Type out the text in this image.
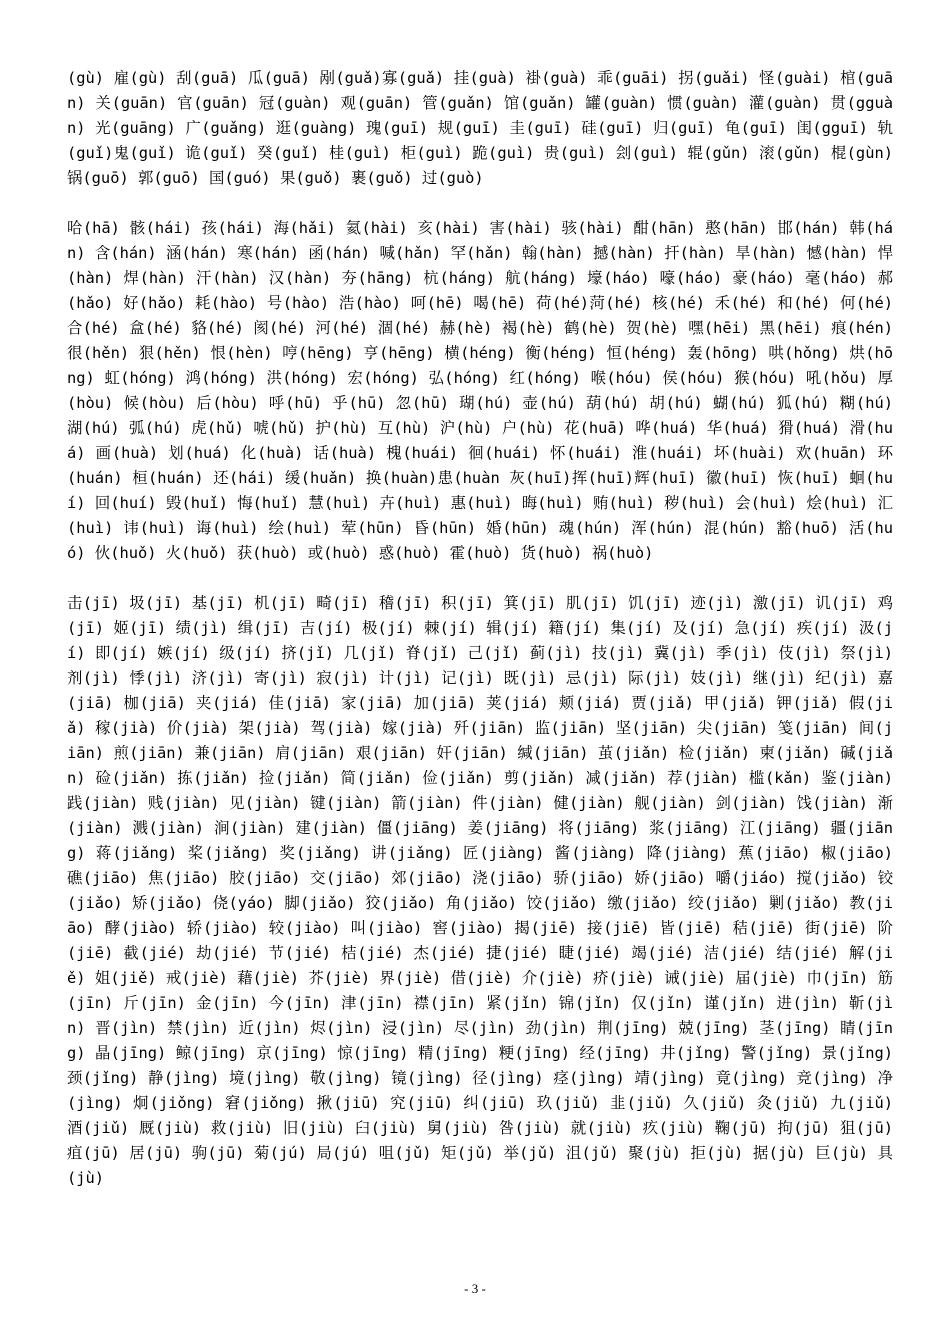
(gù) 雇(gù) 刮(guā) 瓜(guā) 剐(guǎ)寡(guǎ) 挂(guà) 褂(guà) 乖(guāi) 拐(guǎi) 怪(guài) 棺(guān) 关(guān) 官(guān) 冠(guàn) 观(guān) 管(guǎn) 馆(guǎn) 罐(guàn) 惯(guàn) 灌(guàn) 贯(gguàn) 光(guāng) 广(guǎng) 逛(guàng) 瑰(guī) 规(guī) 圭(guī) 硅(guī) 归(guī) 龟(guī) 闺(gguī) 轨(guǐ)鬼(guǐ) 诡(guǐ) 癸(guǐ) 桂(guì) 柜(guì) 跪(guì) 贵(guì) 刽(guì) 辊(gǔn) 滚(gǔn) 棍(gùn) 锅(guō) 郭(guō) 国(guó) 果(guǒ) 裹(guǒ) 过(guò)

哈(hā) 骸(hái) 孩(hái) 海(hǎi) 氦(hài) 亥(hài) 害(hài) 骇(hài) 酣(hān) 憨(hān) 邯(hán) 韩(hán) 含(hán) 涵(hán) 寒(hán) 函(hán) 喊(hǎn) 罕(hǎn) 翰(hàn) 撼(hàn) 扞(hàn) 旱(hàn) 憾(hàn) 悍(hàn) 焊(hàn) 汗(hàn) 汉(hàn) 夯(hāng) 杭(háng) 航(háng) 壕(háo) 嚎(háo) 豪(háo) 毫(háo) 郝(hǎo) 好(hǎo) 耗(hào) 号(hào) 浩(hào) 呵(hē) 喝(hē) 荷(hé)菏(hé) 核(hé) 禾(hé) 和(hé) 何(hé) 合(hé) 盒(hé) 貉(hé) 阂(hé) 河(hé) 涸(hé) 赫(hè) 褐(hè) 鹤(hè) 贺(hè) 嘿(hēi) 黑(hēi) 痕(hén) 很(hěn) 狠(hěn) 恨(hèn) 哼(hēng) 亨(hēng) 横(héng) 衡(héng) 恒(héng) 轰(hōng) 哄(hǒng) 烘(hōng) 虹(hóng) 鸿(hóng) 洪(hóng) 宏(hóng) 弘(hóng) 红(hóng) 喉(hóu) 侯(hóu) 猴(hóu) 吼(hǒu) 厚(hòu) 候(hòu) 后(hòu) 呼(hū) 乎(hū) 忽(hū) 瑚(hú) 壶(hú) 葫(hú) 胡(hú) 蝴(hú) 狐(hú) 糊(hú) 湖(hú) 弧(hú) 虎(hǔ) 唬(hǔ) 护(hù) 互(hù) 沪(hù) 户(hù) 花(huā) 哗(huá) 华(huá) 猾(huá) 滑(huá) 画(huà) 划(huá) 化(huà) 话(huà) 槐(huái) 徊(huái) 怀(huái) 淮(huái) 坏(huài) 欢(huān) 环(huán) 桓(huán) 还(hái) 缓(huǎn) 换(huàn)患(huàn 灰(huī)挥(huī)辉(huī) 徽(huī) 恢(huī) 蛔(huí) 回(huí) 毁(huǐ) 悔(huǐ) 慧(huì) 卉(huì) 惠(huì) 晦(huì) 贿(huì) 秽(huì) 会(huì) 烩(huì) 汇(huì) 讳(huì) 诲(huì) 绘(huì) 荤(hūn) 昏(hūn) 婚(hūn) 魂(hún) 浑(hún) 混(hún) 豁(huō) 活(huó) 伙(huǒ) 火(huǒ) 获(huò) 或(huò) 惑(huò) 霍(huò) 货(huò) 祸(huò)

击(jī) 圾(jī) 基(jī) 机(jī) 畸(jī) 稽(jī) 积(jī) 箕(jī) 肌(jī) 饥(jī) 迹(jì) 激(jī) 讥(jī) 鸡(jī) 姬(jī) 绩(jì) 缉(jī) 吉(jí) 极(jí) 棘(jí) 辑(jí) 籍(jí) 集(jí) 及(jí) 急(jí) 疾(jí) 汲(jí) 即(jí) 嫉(jí) 级(jí) 挤(jǐ) 几(jǐ) 脊(jǐ) 己(jǐ) 蓟(jì) 技(jì) 冀(jì) 季(jì) 伎(jì) 祭(jì) 剂(jì) 悸(jì) 济(jì) 寄(jì) 寂(jì) 计(jì) 记(jì) 既(jì) 忌(jì) 际(jì) 妓(jì) 继(jì) 纪(jì) 嘉(jiā) 枷(jiā) 夹(jiá) 佳(jiā) 家(jiā) 加(jiā) 荚(jiá) 颊(jiá) 贾(jiǎ) 甲(jiǎ) 钾(jiǎ) 假(jiǎ) 稼(jià) 价(jià) 架(jià) 驾(jià) 嫁(jià) 歼(jiān) 监(jiān) 坚(jiān) 尖(jiān) 笺(jiān) 间(jiān) 煎(jiān) 兼(jiān) 肩(jiān) 艰(jiān) 奸(jiān) 缄(jiān) 茧(jiǎn) 检(jiǎn) 柬(jiǎn) 碱(jiǎn) 硷(jiǎn) 拣(jiǎn) 捡(jiǎn) 简(jiǎn) 俭(jiǎn) 剪(jiǎn) 减(jiǎn) 荐(jiàn) 槛(kǎn) 鉴(jiàn) 践(jiàn) 贱(jiàn) 见(jiàn) 键(jiàn) 箭(jiàn) 件(jiàn) 健(jiàn) 舰(jiàn) 剑(jiàn) 饯(jiàn) 渐(jiàn) 溅(jiàn) 涧(jiàn) 建(jiàn) 僵(jiāng) 姜(jiāng) 将(jiāng) 浆(jiāng) 江(jiāng) 疆(jiāng) 蒋(jiǎng) 桨(jiǎng) 奖(jiǎng) 讲(jiǎng) 匠(jiàng) 酱(jiàng) 降(jiàng) 蕉(jiāo) 椒(jiāo) 礁(jiāo) 焦(jiāo) 胶(jiāo) 交(jiāo) 郊(jiāo) 浇(jiāo) 骄(jiāo) 娇(jiāo) 嚼(jiáo) 搅(jiǎo) 铰(jiǎo) 矫(jiǎo) 侥(yáo) 脚(jiǎo) 狡(jiǎo) 角(jiǎo) 饺(jiǎo) 缴(jiǎo) 绞(jiǎo) 剿(jiǎo) 教(jiāo) 酵(jiào) 轿(jiào) 较(jiào) 叫(jiào) 窖(jiào) 揭(jiē) 接(jiē) 皆(jiē) 秸(jiē) 街(jiē) 阶(jiē) 截(jié) 劫(jié) 节(jié) 桔(jié) 杰(jié) 捷(jié) 睫(jié) 竭(jié) 洁(jié) 结(jié) 解(jiě) 姐(jiě) 戒(jiè) 藉(jiè) 芥(jiè) 界(jiè) 借(jiè) 介(jiè) 疥(jiè) 诫(jiè) 届(jiè) 巾(jīn) 筋(jīn) 斤(jīn) 金(jīn) 今(jīn) 津(jīn) 襟(jīn) 紧(jǐn) 锦(jǐn) 仅(jǐn) 谨(jǐn) 进(jìn) 靳(jìn) 晋(jìn) 禁(jìn) 近(jìn) 烬(jìn) 浸(jìn) 尽(jìn) 劲(jìn) 荆(jīng) 兢(jīng) 茎(jīng) 睛(jīng) 晶(jīng) 鲸(jīng) 京(jīng) 惊(jīng) 精(jīng) 粳(jīng) 经(jīng) 井(jǐng) 警(jǐng) 景(jǐng) 颈(jǐng) 静(jìng) 境(jìng) 敬(jìng) 镜(jìng) 径(jìng) 痉(jìng) 靖(jìng) 竟(jìng) 竞(jìng) 净(jìng) 炯(jiǒng) 窘(jiǒng) 揪(jiū) 究(jiū) 纠(jiū) 玖(jiǔ) 韭(jiǔ) 久(jiǔ) 灸(jiǔ) 九(jiǔ) 酒(jiǔ) 厩(jiù) 救(jiù) 旧(jiù) 臼(jiù) 舅(jiù) 咎(jiù) 就(jiù) 疚(jiù) 鞠(jū) 拘(jū) 狙(jū) 疽(jū) 居(jū) 驹(jū) 菊(jú) 局(jú) 咀(jǔ) 矩(jǔ) 举(jǔ) 沮(jǔ) 聚(jù) 拒(jù) 据(jù) 巨(jù) 具(jù)

- 3 -
